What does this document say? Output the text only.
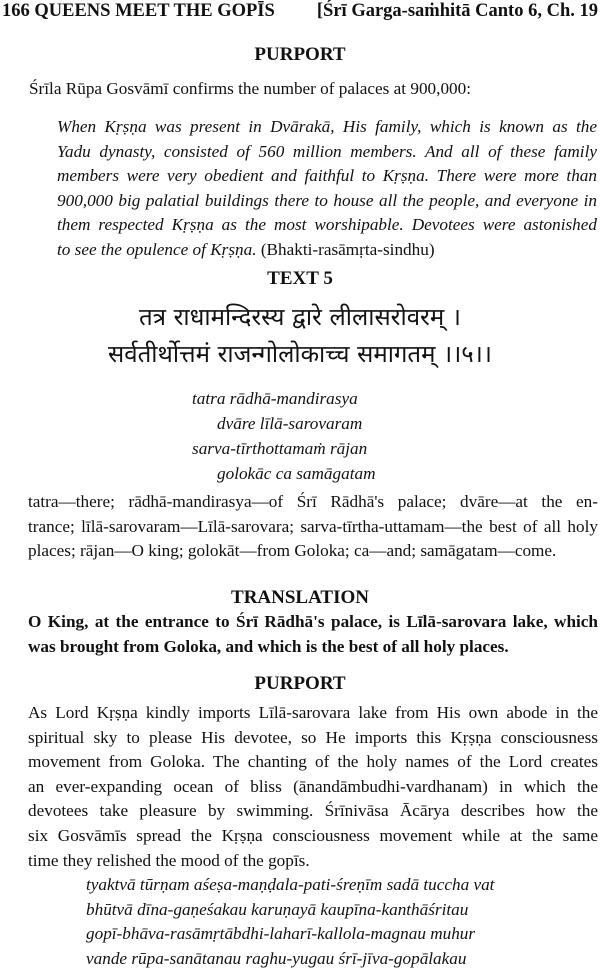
166 QUEENS MEET THE GOPĪS [Śrī Garga-saṁhitā Canto 6, Ch. 19
PURPORT
Śrīla Rūpa Gosvāmī confirms the number of palaces at 900,000:
When Kṛṣṇa was present in Dvārakā, His family, which is known as the
Yadu dynasty, consisted of 560 million members. And all of these family
members were very obedient and faithful to Kṛṣṇa. There were more than
900,000 big palatial buildings there to house all the people, and everyone in
them respected Kṛṣṇa as the most worshipable. Devotees were astonished
to see the opulence of Kṛṣṇa. (Bhakti-rasāmṛta-sindhu)
TEXT 5
तत्र राधामन्दिरस्य द्वारे लीलासरोवरम् ।
सर्वतीर्थोत्तमं राजन्गोलोकाच्च समागतम् ।।५।।
tatra rādhā-mandirasya
dvāre līlā-sarovaram
sarva-tīrthottamaṁ rājan
golokāc ca samāgatam
tatra—there; rādhā-mandirasya—of Śrī Rādhā's palace; dvāre—at the en-
trance; līlā-sarovaram—Līlā-sarovara; sarva-tīrtha-uttamam—the best of all holy
places; rājan—O king; golokāt—from Goloka; ca—and; samāgatam—come.
TRANSLATION
O King, at the entrance to Śrī Rādhā's palace, is Līlā-sarovara lake, which
was brought from Goloka, and which is the best of all holy places.
PURPORT
As Lord Kṛṣṇa kindly imports Līlā-sarovara lake from His own abode in the
spiritual sky to please His devotee, so He imports this Kṛṣṇa consciousness
movement from Goloka. The chanting of the holy names of the Lord creates
an ever-expanding ocean of bliss (ānandāmbudhi-vardhanam) in which the
devotees take pleasure by swimming. Śrīnivāsa Ācārya describes how the
six Gosvāmīs spread the Kṛṣṇa consciousness movement while at the same
time they relished the mood of the gopīs.
tyaktvā tūrṇam aśeṣa-maṇḍala-pati-śreṇīm sadā tuccha vat
bhūtvā dīna-gaṇeśakau karuṇayā kaupīna-kanthāśritau
gopī-bhāva-rasāmṛtābdhi-laharī-kallola-magnau muhur
vande rūpa-sanātanau raghu-yugau śrī-jīva-gopālakau
